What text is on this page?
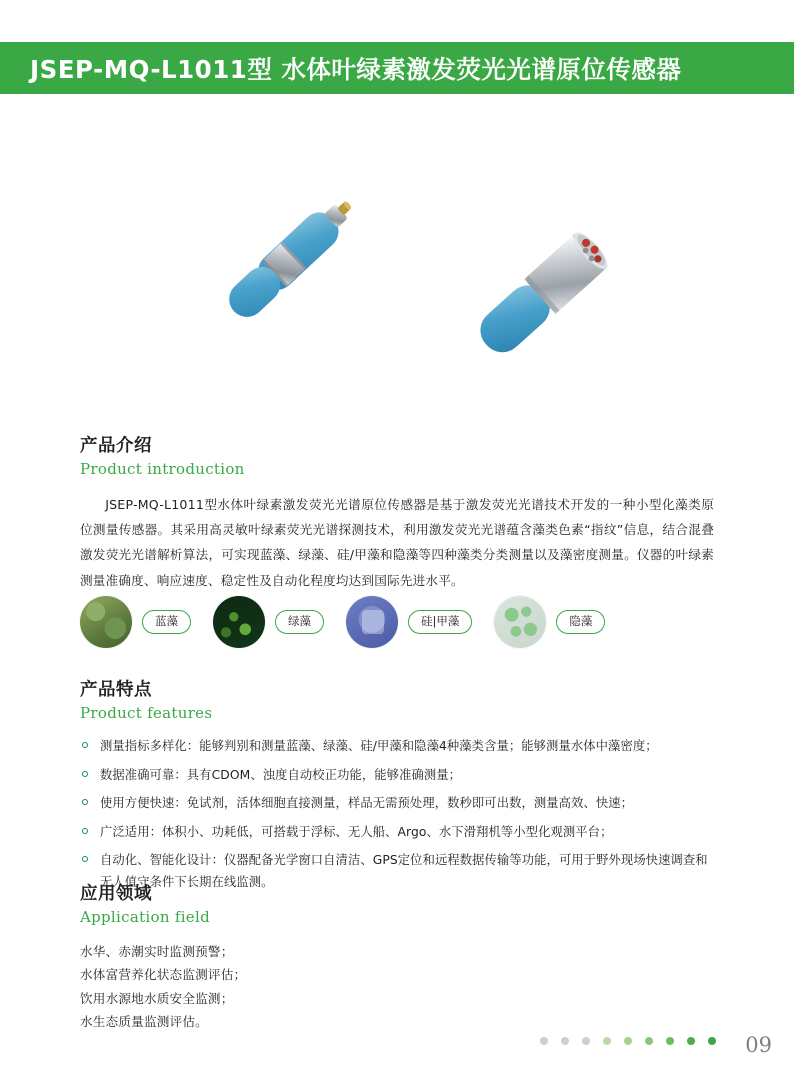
JSEP-MQ-L1011型 水体叶绿素激发荧光光谱原位传感器
产品介绍

Product introduction

JSEP-MQ-L1011型水体叶绿素激发荧光光谱原位传感器是基于激发荧光光谱技术开发的一种小型化藻类原位测量传感器。其采用高灵敏叶绿素荧光光谱探测技术，利用激发荧光光谱蕴含藻类色素“指纹”信息，结合混叠激发荧光光谱解析算法，可实现蓝藻、绿藻、硅/甲藻和隐藻等四种藻类分类测量以及藻密度测量。仪器的叶绿素测量准确度、响应速度、稳定性及自动化程度均达到国际先进水平。

蓝藻	绿藻	硅|甲藻	隐藻
产品特点

Product features

测量指标多样化：能够判别和测量蓝藻、绿藻、硅/甲藻和隐藻4种藻类含量；能够测量水体中藻密度；
数据准确可靠：具有CDOM、浊度自动校正功能，能够准确测量；
使用方便快速：免试剂，活体细胞直接测量，样品无需预处理，数秒即可出数，测量高效、快速；
广泛适用：体积小、功耗低，可搭载于浮标、无人船、Argo、水下滑翔机等小型化观测平台；
自动化、智能化设计：仪器配备光学窗口自清洁、GPS定位和远程数据传输等功能，可用于野外现场快速调查和无人值守条件下长期在线监测。
应用领域

Application field

水华、赤潮实时监测预警；
水体富营养化状态监测评估；
饮用水源地水质安全监测；
水生态质量监测评估。
09
